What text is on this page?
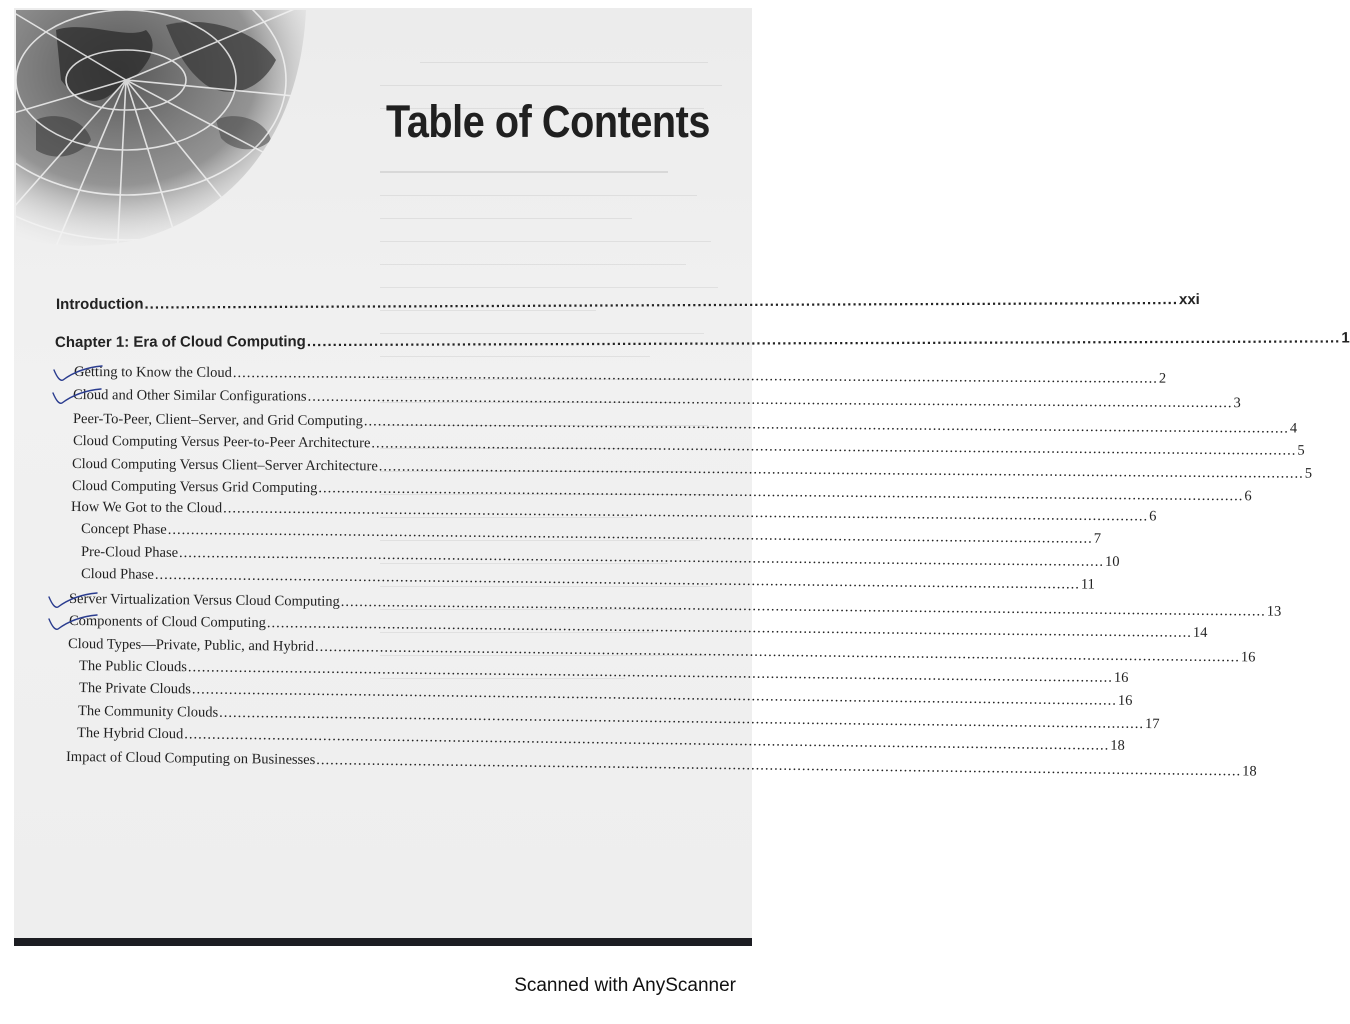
Table of Contents
Introduction ........................................................................................................................................................................................................ xxi
Chapter 1: Era of Cloud Computing ........................................................................................................................................................................................................ 1
Getting to Know the Cloud ........................................................................................................................................................................................................ 2
Cloud and Other Similar Configurations ........................................................................................................................................................................................................ 3
Peer-To-Peer, Client–Server, and Grid Computing ........................................................................................................................................................................................................ 4
Cloud Computing Versus Peer-to-Peer Architecture ........................................................................................................................................................................................................ 5
Cloud Computing Versus Client–Server Architecture ........................................................................................................................................................................................................ 5
Cloud Computing Versus Grid Computing ........................................................................................................................................................................................................ 6
How We Got to the Cloud ........................................................................................................................................................................................................ 6
Concept Phase ........................................................................................................................................................................................................ 7
Pre-Cloud Phase ........................................................................................................................................................................................................ 10
Cloud Phase ........................................................................................................................................................................................................ 11
Server Virtualization Versus Cloud Computing ........................................................................................................................................................................................................ 13
Components of Cloud Computing ........................................................................................................................................................................................................ 14
Cloud Types—Private, Public, and Hybrid ........................................................................................................................................................................................................ 16
The Public Clouds ........................................................................................................................................................................................................ 16
The Private Clouds ........................................................................................................................................................................................................ 16
The Community Clouds ........................................................................................................................................................................................................ 17
The Hybrid Cloud ........................................................................................................................................................................................................ 18
Impact of Cloud Computing on Businesses ........................................................................................................................................................................................................ 18
Scanned with AnyScanner
